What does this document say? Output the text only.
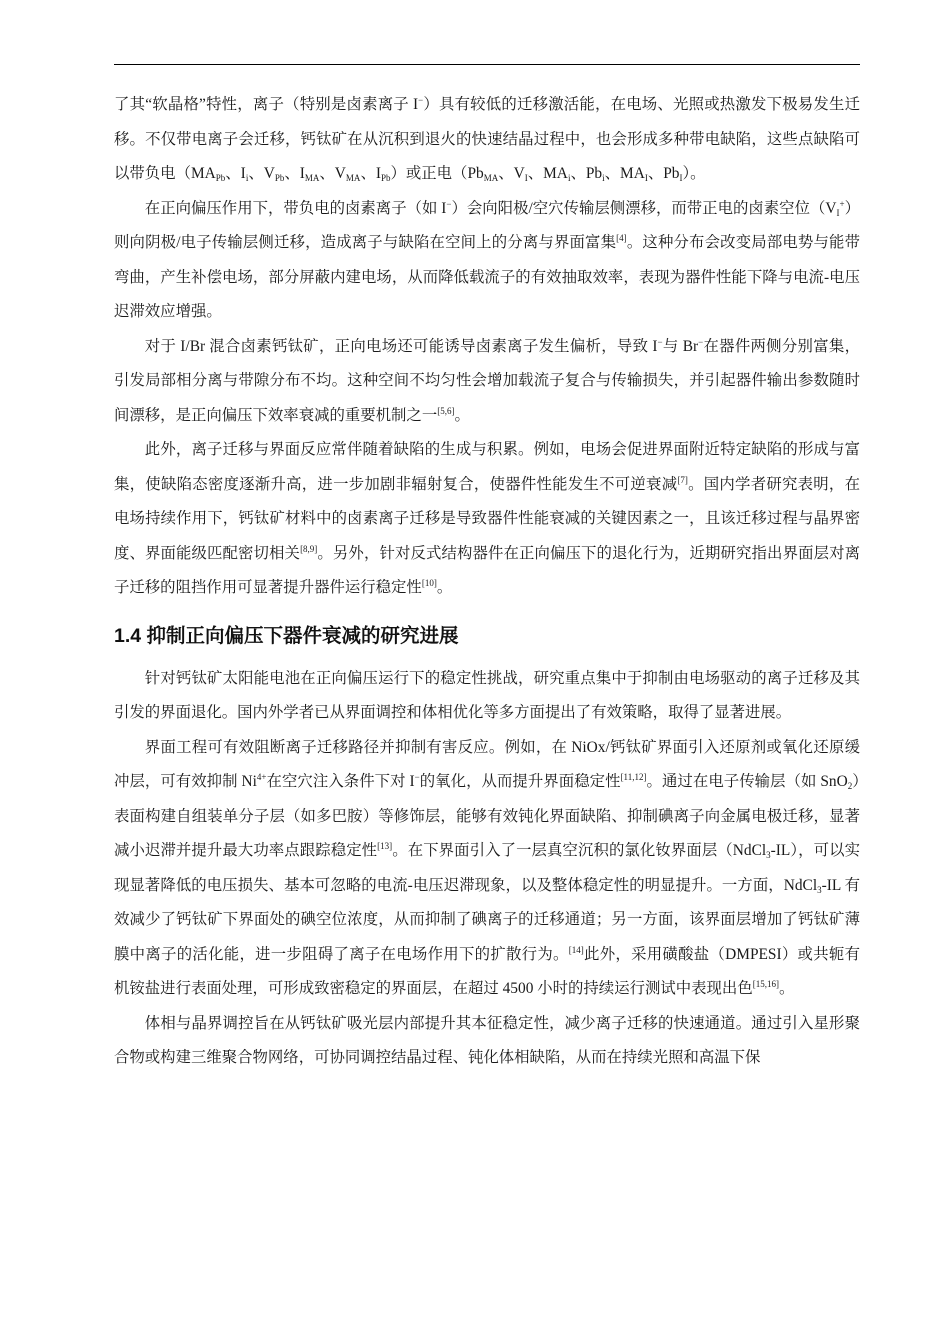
了其“软晶格”特性，离子（特别是卤素离子 I−）具有较低的迁移激活能，在电场、光照或热激发下极易发生迁移。不仅带电离子会迁移，钙钛矿在从沉积到退火的快速结晶过程中，也会形成多种带电缺陷，这些点缺陷可以带负电（$MA_{Pb}$、$I_i$、$V_{Pb}$、$I_{MA}$、$V_{MA}$、$I_{Pb}$）或正电（$Pb_{MA}$、$V_I$、$MA_i$、$Pb_i$、$MA_I$、$Pb_I$）。

在正向偏压作用下，带负电的卤素离子（如 I−）会向阳极/空穴传输层侧漂移，而带正电的卤素空位$(V_I^+)$则向阴极/电子传输层侧迁移，造成离子与缺陷在空间上的分离与界面富集[4]。这种分布会改变局部电势与能带弯曲，产生补偿电场，部分屏蔽内建电场，从而降低载流子的有效抽取效率，表现为器件性能下降与电流-电压迟滞效应增强。

对于 I/Br 混合卤素钙钛矿，正向电场还可能诱导卤素离子发生偏析，导致 I−与 Br−在器件两侧分别富集，引发局部相分离与带隙分布不均。这种空间不均匀性会增加载流子复合与传输损失，并引起器件输出参数随时间漂移，是正向偏压下效率衰减的重要机制之一[5,6]。

此外，离子迁移与界面反应常伴随着缺陷的生成与积累。例如，电场会促进界面附近特定缺陷的形成与富集，使缺陷态密度逐渐升高，进一步加剧非辐射复合，使器件性能发生不可逆衰减[7]。国内学者研究表明，在电场持续作用下，钙钛矿材料中的卤素离子迁移是导致器件性能衰减的关键因素之一，且该迁移过程与晶界密度、界面能级匹配密切相关[8,9]。另外，针对反式结构器件在正向偏压下的退化行为，近期研究指出界面层对离子迁移的阻挡作用可显著提升器件运行稳定性[10]。

1.4 抑制正向偏压下器件衰减的研究进展

针对钙钛矿太阳能电池在正向偏压运行下的稳定性挑战，研究重点集中于抑制由电场驱动的离子迁移及其引发的界面退化。国内外学者已从界面调控和体相优化等多方面提出了有效策略，取得了显著进展。

界面工程可有效阻断离子迁移路径并抑制有害反应。例如，在 NiOx/钙钛矿界面引入还原剂或氧化还原缓冲层，可有效抑制 $Ni^{4+}$在空穴注入条件下对 I−的氧化，从而提升界面稳定性[11,12]。通过在电子传输层（如 SnO$_2$）表面构建自组装单分子层（如多巴胺）等修饰层，能够有效钝化界面缺陷、抑制碘离子向金属电极迁移，显著减小迟滞并提升最大功率点跟踪稳定性[13]。在下界面引入了一层真空沉积的氯化钕界面层（NdCl$_3$-IL），可以实现显著降低的电压损失、基本可忽略的电流-电压迟滞现象，以及整体稳定性的明显提升。一方面，NdCl$_3$-IL 有效减少了钙钛矿下界面处的碘空位浓度，从而抑制了碘离子的迁移通道；另一方面，该界面层增加了钙钛矿薄膜中离子的活化能，进一步阻碍了离子在电场作用下的扩散行为。[14]此外，采用磺酸盐（DMPESI）或共轭有机铵盐进行表面处理，可形成致密稳定的界面层，在超过 4500 小时的持续运行测试中表现出色[15,16]。

体相与晶界调控旨在从钙钛矿吸光层内部提升其本征稳定性，减少离子迁移的快速通道。通过引入星形聚合物或构建三维聚合物网络，可协同调控结晶过程、钝化体相缺陷，从而在持续光照和高温下保
